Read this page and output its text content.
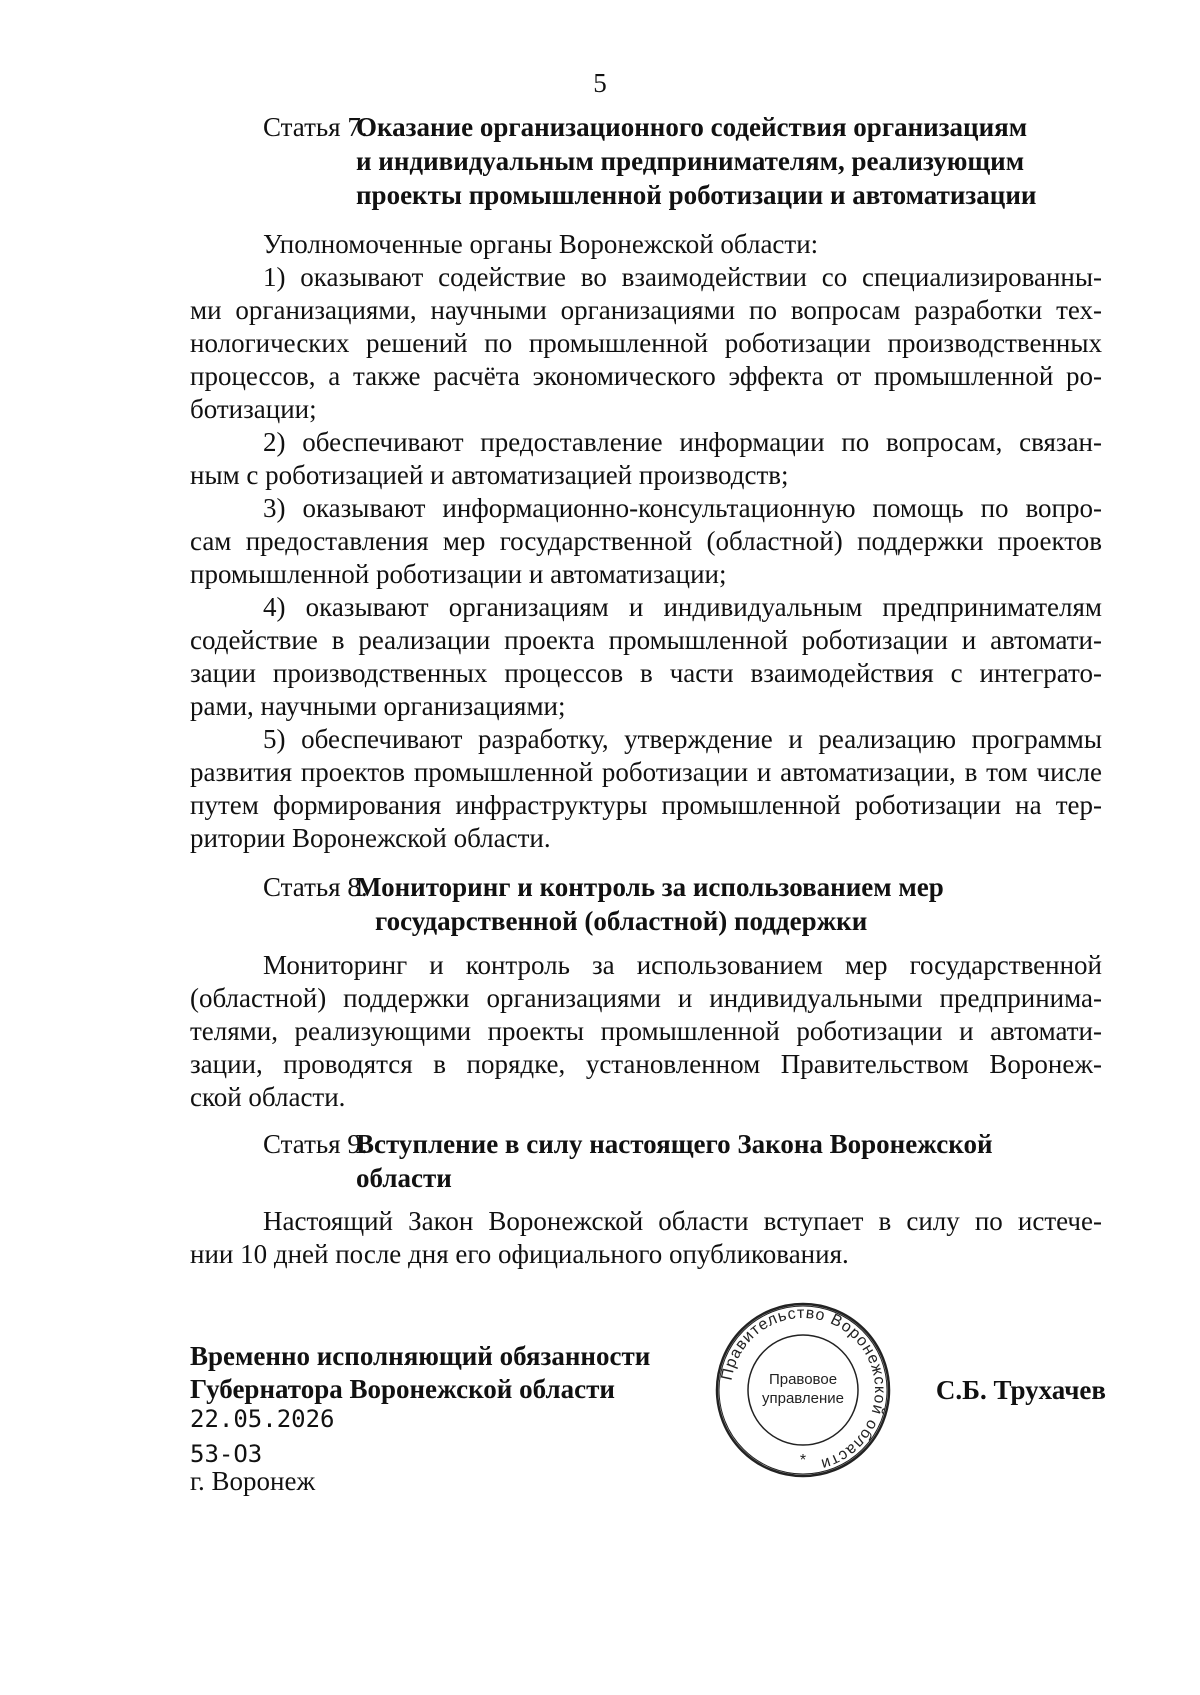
5
Статья 7.
Оказание организационного содействия организациям
и индивидуальным предпринимателям, реализующим
проекты промышленной роботизации и автоматизации

Уполномоченные органы Воронежской области:

1) оказывают содействие во взаимодействии со специализированны-
ми организациями, научными организациями по вопросам разработки тех-
нологических решений по промышленной роботизации производственных
процессов, а также расчёта экономического эффекта от промышленной ро-
ботизации;

2) обеспечивают предоставление информации по вопросам, связан-
ным с роботизацией и автоматизацией производств;

3) оказывают информационно-консультационную помощь по вопро-
сам предоставления мер государственной (областной) поддержки проектов
промышленной роботизации и автоматизации;

4) оказывают организациям и индивидуальным предпринимателям
содействие в реализации проекта промышленной роботизации и автомати-
зации производственных процессов в части взаимодействия с интеграто-
рами, научными организациями;

5) обеспечивают разработку, утверждение и реализацию программы
развития проектов промышленной роботизации и автоматизации, в том числе
путем формирования инфраструктуры промышленной роботизации на тер-
ритории Воронежской области.

Статья 8.
Мониторинг и контроль за использованием мер
государственной (областной) поддержки

Мониторинг и контроль за использованием мер государственной
(областной) поддержки организациями и индивидуальными предпринима-
телями, реализующими проекты промышленной роботизации и автомати-
зации, проводятся в порядке, установленном Правительством Воронеж-
ской области.

Статья 9.
Вступление в силу настоящего Закона Воронежской
области

Настоящий Закон Воронежской области вступает в силу по истече-
нии 10 дней после дня его официального опубликования.

Временно исполняющий обязанности
Губернатора Воронежской области
22.05.2026
53-ОЗ
г. Воронеж
С.Б. Трухачев
Правительство Воронежской области
Правовое
управление
*
